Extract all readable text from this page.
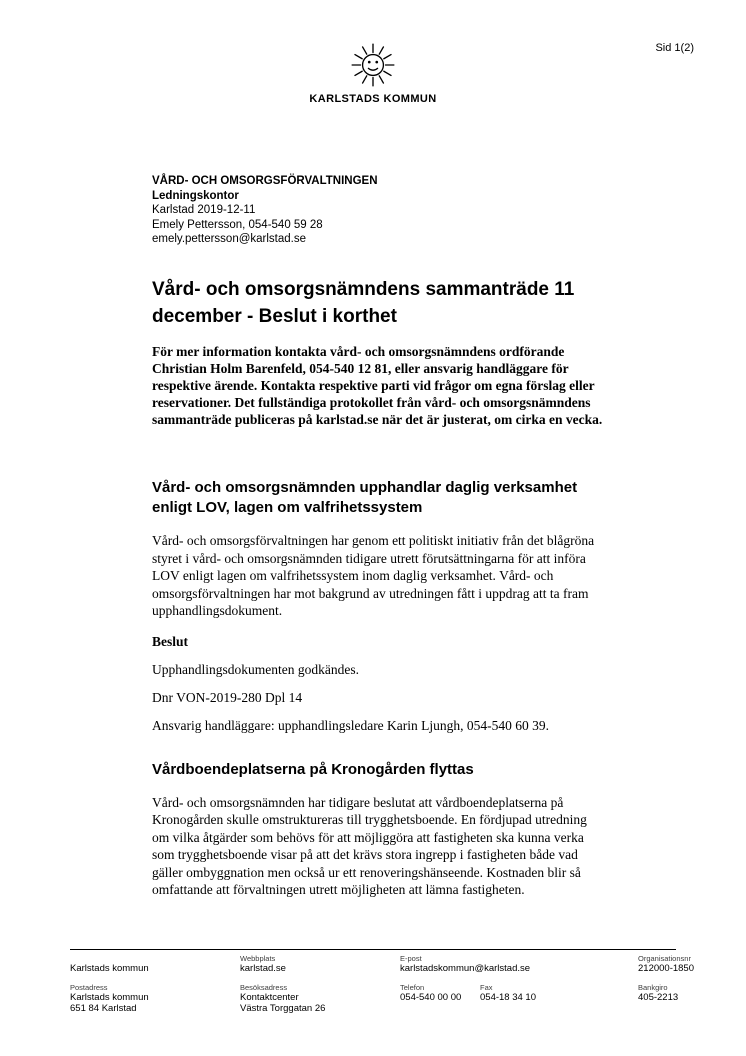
Sid 1(2)
KARLSTADS KOMMUN
VÅRD- OCH OMSORGSFÖRVALTNINGEN
Ledningskontor
Karlstad 2019-12-11
Emely Pettersson, 054-540 59 28
emely.pettersson@karlstad.se
Vård- och omsorgsnämndens sammanträde 11 december - Beslut i korthet

För mer information kontakta vård- och omsorgsnämndens ordförande Christian Holm Barenfeld, 054-540 12 81, eller ansvarig handläggare för respektive ärende. Kontakta respektive parti vid frågor om egna förslag eller reservationer. Det fullständiga protokollet från vård- och omsorgsnämndens sammanträde publiceras på karlstad.se när det är justerat, om cirka en vecka.

Vård- och omsorgsnämnden upphandlar daglig verksamhet enligt LOV, lagen om valfrihetssystem

Vård- och omsorgsförvaltningen har genom ett politiskt initiativ från det blågröna styret i vård- och omsorgsnämnden tidigare utrett förutsättningarna för att införa LOV enligt lagen om valfrihetssystem inom daglig verksamhet. Vård- och omsorgsförvaltningen har mot bakgrund av utredningen fått i uppdrag att ta fram upphandlingsdokument.

Beslut

Upphandlingsdokumenten godkändes.

Dnr VON-2019-280 Dpl 14

Ansvarig handläggare: upphandlingsledare Karin Ljungh, 054-540 60 39.

Vårdboendeplatserna på Kronogården flyttas

Vård- och omsorgsnämnden har tidigare beslutat att vårdboendeplatserna på Kronogården skulle omstruktureras till trygghetsboende. En fördjupad utredning om vilka åtgärder som behövs för att möjliggöra att fastigheten ska kunna verka som trygghetsboende visar på att det krävs stora ingrepp i fastigheten både vad gäller ombyggnation men också ur ett renoveringshänseende. Kostnaden blir så omfattande att förvaltningen utrett möjligheten att lämna fastigheten.

Karlstads kommun
Postadress
Karlstads kommun
651 84 Karlstad
Webbplats
karlstad.se
Besöksadress
Kontaktcenter
Västra Torggatan 26
E-post
karlstadskommun@karlstad.se
Telefon
054-540 00 00
Fax
054-18 34 10
Organisationsnr
212000-1850
Bankgiro
405-2213
